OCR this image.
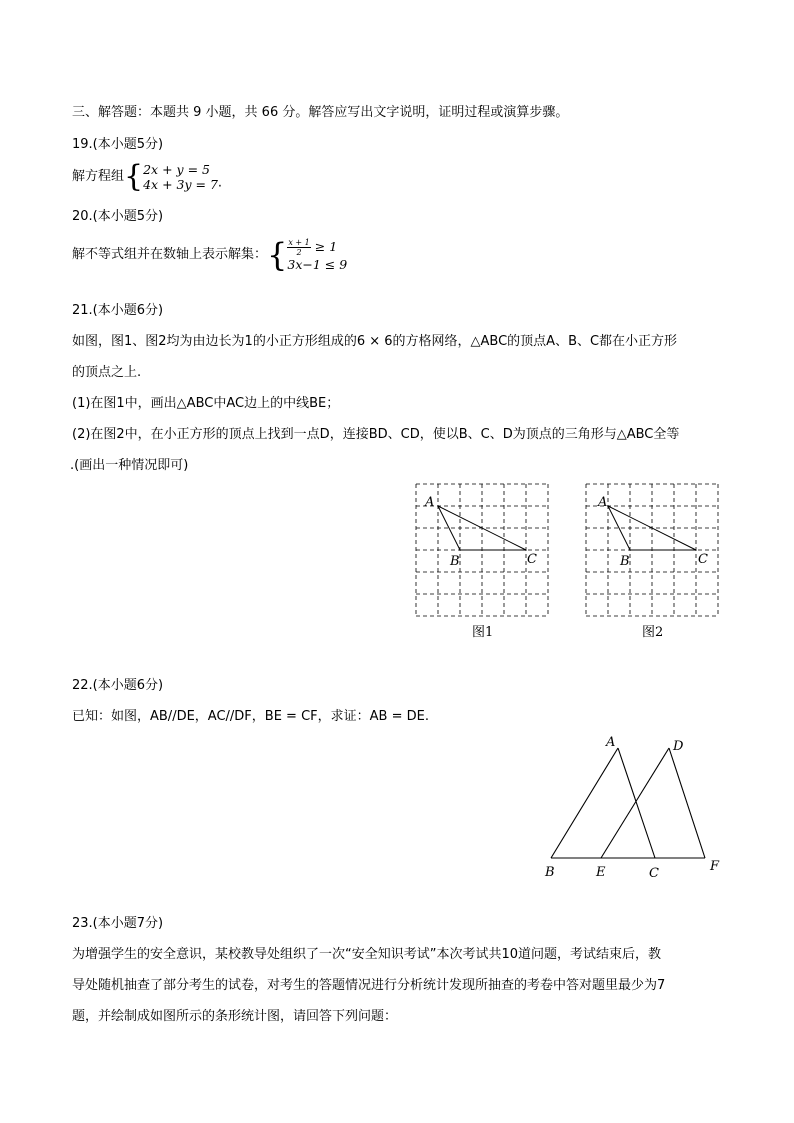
三、解答题：本题共 9 小题，共 66 分。解答应写出文字说明，证明过程或演算步骤。
19.(本小题5分)
解方程组{2x + y = 5
4x + 3y = 7.
20.(本小题5分)
解不等式组并在数轴上表示解集：{ $\frac{x + 1}{2} \ge 1$
3x−1 ≤ 9
21.(本小题6分)
如图，图1、图2均为由边长为1的小正方形组成的6 × 6的方格网络，△ABC的顶点A、B、C都在小正方形
的顶点之上.
(1)在图1中，画出△ABC中AC边上的中线BE；
(2)在图2中，在小正方形的顶点上找到一点D，连接BD、CD，使以B、C、D为顶点的三角形与△ABC全等
.(画出一种情况即可)
A
B	C
图1
A
B	C
图2
22.(本小题6分)
已知：如图，AB//DE，AC//DF，BE = CF，求证：AB = DE.
A	D
B	E	C	F
23.(本小题7分)
为增强学生的安全意识，某校教导处组织了一次“安全知识考试”本次考试共10道问题，考试结束后，教
导处随机抽查了部分考生的试卷，对考生的答题情况进行分析统计发现所抽查的考卷中答对题里最少为7
题，并绘制成如图所示的条形统计图，请回答下列问题：
